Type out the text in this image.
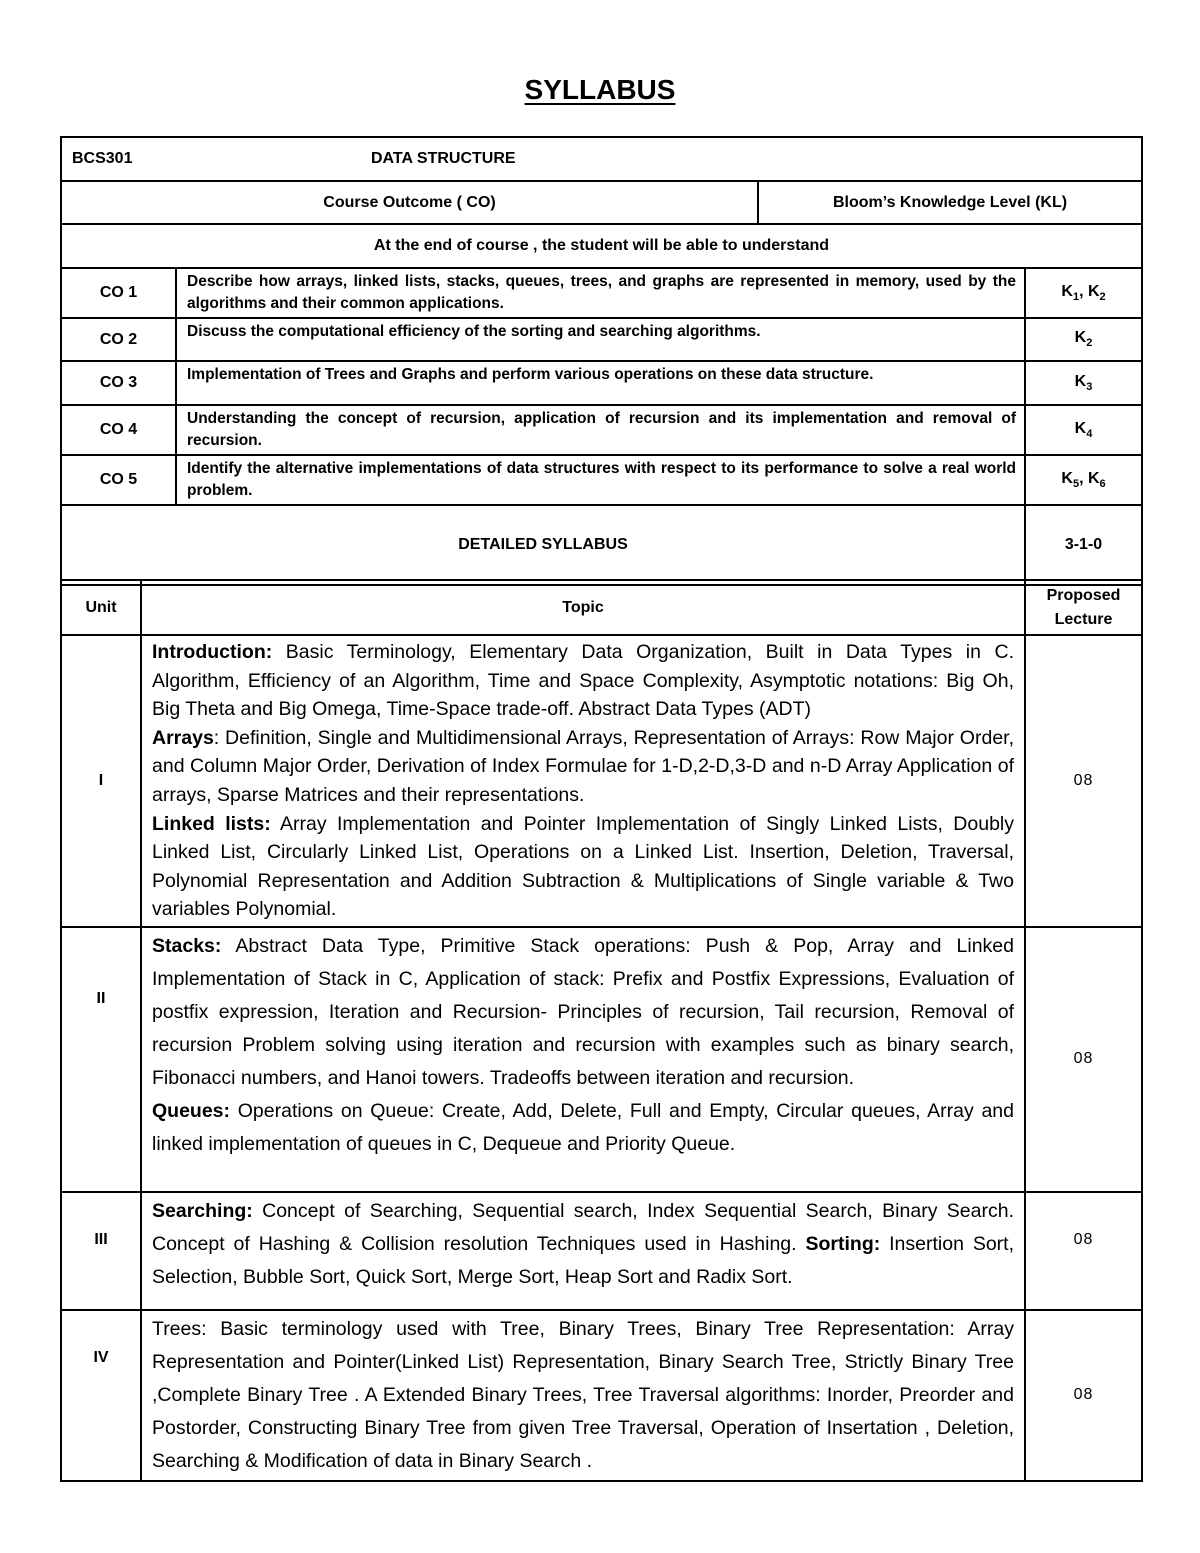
SYLLABUS
BCS301 DATA STRUCTURE			
Course Outcome ( CO)		Bloom’s Knowledge Level (KL)	
At the end of course , the student will be able to understand			
CO 1	Describe how arrays, linked lists, stacks, queues, trees, and graphs are represented in memory, used by the algorithms and their common applications.		$K_1$, $K_2$
CO 2	Discuss the computational efficiency of the sorting and searching algorithms.		$K_2$
CO 3	Implementation of Trees and Graphs and perform various operations on these data structure.		$K_3$
CO 4	Understanding the concept of recursion, application of recursion and its implementation and removal of recursion.		$K_4$
CO 5	Identify the alternative implementations of data structures with respect to its performance to solve a real world problem.		$K_5$, $K_6$
DETAILED SYLLABUS			3-1-0
Unit	Topic	Proposed Lecture
I	Introduction: Basic Terminology, Elementary Data Organization, Built in Data Types in C. Algorithm, Efficiency of an Algorithm, Time and Space Complexity, Asymptotic notations: Big Oh, Big Theta and Big Omega, Time-Space trade-off. Abstract Data Types (ADT)

Arrays: Definition, Single and Multidimensional Arrays, Representation of Arrays: Row Major Order, and Column Major Order, Derivation of Index Formulae for 1-D,2-D,3-D and n-D Array Application of arrays, Sparse Matrices and their representations.

Linked lists: Array Implementation and Pointer Implementation of Singly Linked Lists, Doubly Linked List, Circularly Linked List, Operations on a Linked List. Insertion, Deletion, Traversal, Polynomial Representation and Addition Subtraction & Multiplications of Single variable & Two variables Polynomial.	08
II	Stacks: Abstract Data Type, Primitive Stack operations: Push & Pop, Array and Linked Implementation of Stack in C, Application of stack: Prefix and Postfix Expressions, Evaluation of postfix expression, Iteration and Recursion- Principles of recursion, Tail recursion, Removal of recursion Problem solving using iteration and recursion with examples such as binary search, Fibonacci numbers, and Hanoi towers. Tradeoffs between iteration and recursion.

Queues: Operations on Queue: Create, Add, Delete, Full and Empty, Circular queues, Array and linked implementation of queues in C, Dequeue and Priority Queue.	08
III	Searching: Concept of Searching, Sequential search, Index Sequential Search, Binary Search. Concept of Hashing & Collision resolution Techniques used in Hashing. Sorting: Insertion Sort, Selection, Bubble Sort, Quick Sort, Merge Sort, Heap Sort and Radix Sort.	08
IV	Trees: Basic terminology used with Tree, Binary Trees, Binary Tree Representation: Array Representation and Pointer(Linked List) Representation, Binary Search Tree, Strictly Binary Tree ,Complete Binary Tree . A Extended Binary Trees, Tree Traversal algorithms: Inorder, Preorder and Postorder, Constructing Binary Tree from given Tree Traversal, Operation of Insertation , Deletion, Searching & Modification of data in Binary Search .	08
